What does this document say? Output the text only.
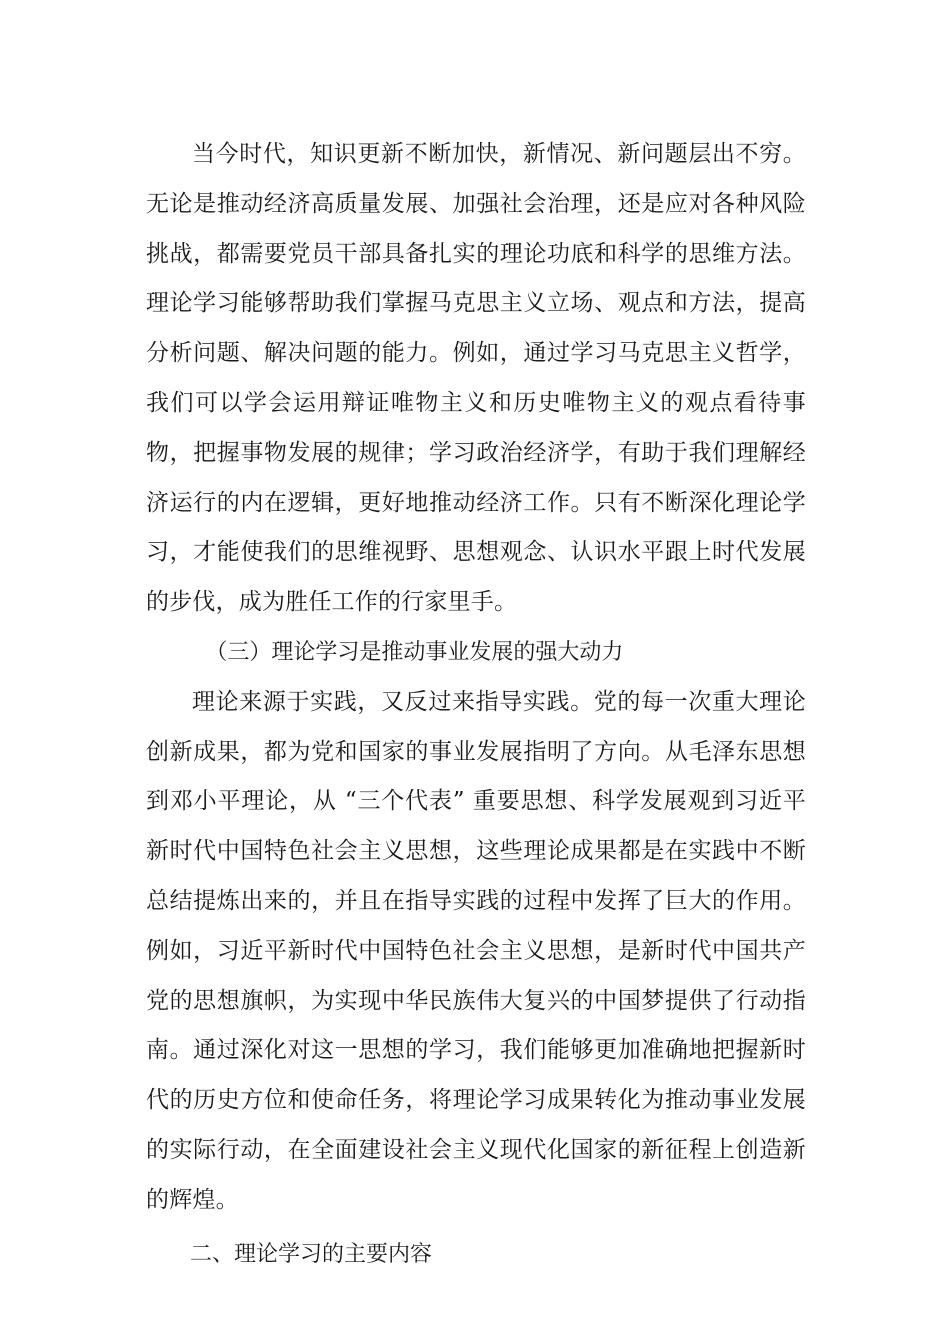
当今时代，知识更新不断加快，新情况、新问题层出不穷。无论是推动经济高质量发展、加强社会治理，还是应对各种风险挑战，都需要党员干部具备扎实的理论功底和科学的思维方法。理论学习能够帮助我们掌握马克思主义立场、观点和方法，提高分析问题、解决问题的能力。例如，通过学习马克思主义哲学，我们可以学会运用辩证唯物主义和历史唯物主义的观点看待事物，把握事物发展的规律；学习政治经济学，有助于我们理解经济运行的内在逻辑，更好地推动经济工作。只有不断深化理论学习，才能使我们的思维视野、思想观念、认识水平跟上时代发展的步伐，成为胜任工作的行家里手。

（三）理论学习是推动事业发展的强大动力

理论来源于实践，又反过来指导实践。党的每一次重大理论创新成果，都为党和国家的事业发展指明了方向。从毛泽东思想到邓小平理论，从 “三个代表” 重要思想、科学发展观到习近平新时代中国特色社会主义思想，这些理论成果都是在实践中不断总结提炼出来的，并且在指导实践的过程中发挥了巨大的作用。例如，习近平新时代中国特色社会主义思想，是新时代中国共产党的思想旗帜，为实现中华民族伟大复兴的中国梦提供了行动指南。通过深化对这一思想的学习，我们能够更加准确地把握新时代的历史方位和使命任务，将理论学习成果转化为推动事业发展的实际行动，在全面建设社会主义现代化国家的新征程上创造新的辉煌。

二、理论学习的主要内容
